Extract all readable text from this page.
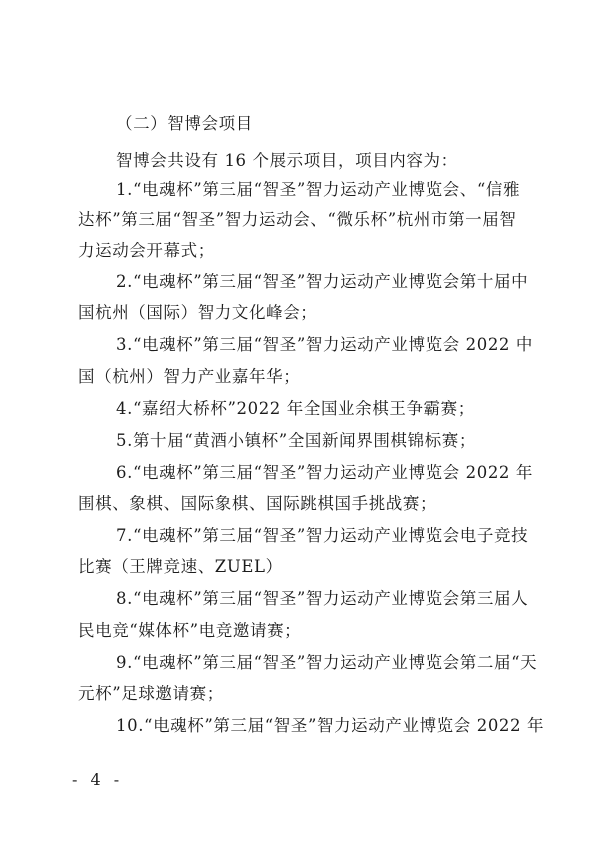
（二）智博会项目
智博会共设有 16 个展示项目，项目内容为：
1.“电魂杯”第三届“智圣”智力运动产业博览会、“信雅
达杯”第三届“智圣”智力运动会、“微乐杯”杭州市第一届智
力运动会开幕式；
2.“电魂杯”第三届“智圣”智力运动产业博览会第十届中
国杭州（国际）智力文化峰会；
3.“电魂杯”第三届“智圣”智力运动产业博览会 2022 中
国（杭州）智力产业嘉年华；
4.“嘉绍大桥杯”2022 年全国业余棋王争霸赛；
5.第十届“黄酒小镇杯”全国新闻界围棋锦标赛；
6.“电魂杯”第三届“智圣”智力运动产业博览会 2022 年
围棋、象棋、国际象棋、国际跳棋国手挑战赛；
7.“电魂杯”第三届“智圣”智力运动产业博览会电子竞技
比赛（王牌竞速、ZUEL）
8.“电魂杯”第三届“智圣”智力运动产业博览会第三届人
民电竞“媒体杯”电竞邀请赛；
9.“电魂杯”第三届“智圣”智力运动产业博览会第二届“天
元杯”足球邀请赛；
10.“电魂杯”第三届“智圣”智力运动产业博览会 2022 年
- 4 -
